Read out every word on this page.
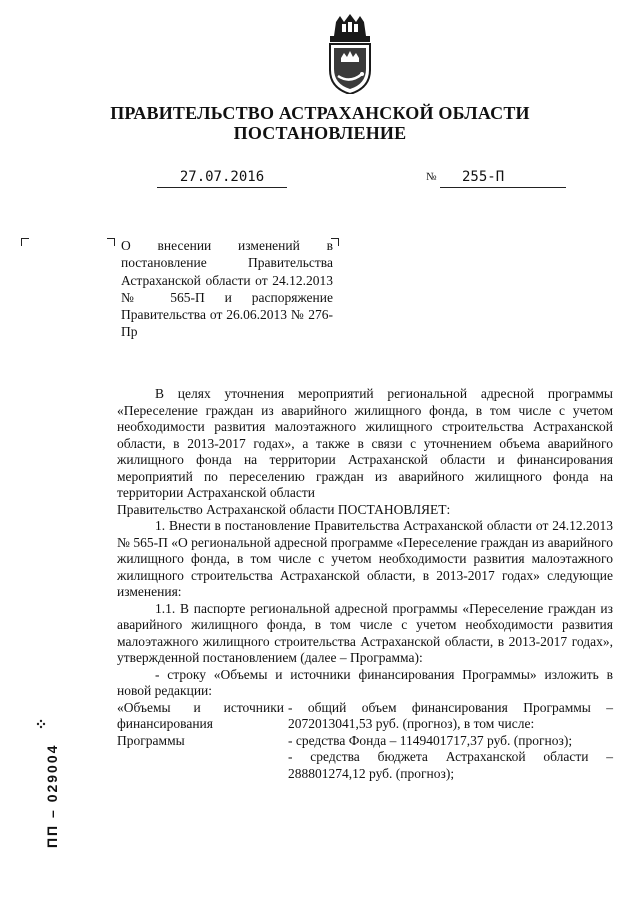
ПРАВИТЕЛЬСТВО АСТРАХАНСКОЙ ОБЛАСТИ
ПОСТАНОВЛЕНИЕ
27.07.2016	№	255-П
О внесении изменений в постановление Правительства Астраханской области от 24.12.2013 № 565-П и распоряжение Правительства от 26.06.2013 № 276-Пр

В целях уточнения мероприятий региональной адресной программы «Переселение граждан из аварийного жилищного фонда, в том числе с учетом необходимости развития малоэтажного жилищного строительства Астраханской области, в 2013-2017 годах», а также в связи с уточнением объема аварийного жилищного фонда на территории Астраханской области и финансирования мероприятий по переселению граждан из аварийного жилищного фонда на территории Астраханской области

Правительство Астраханской области ПОСТАНОВЛЯЕТ:

1. Внести в постановление Правительства Астраханской области от 24.12.2013 № 565-П «О региональной адресной программе «Переселение граждан из аварийного жилищного фонда, в том числе с учетом необходимости развития малоэтажного жилищного строительства Астраханской области, в 2013-2017 годах» следующие изменения:

1.1. В паспорте региональной адресной программы «Переселение граждан из аварийного жилищного фонда, в том числе с учетом необходимости развития малоэтажного жилищного строительства Астраханской области, в 2013-2017 годах», утвержденной постановлением (далее – Программа):

- строку «Объемы и источники финансирования Программы» изложить в новой редакции:

«Объемы и источники финансирования Программы

- общий объем финансирования Программы – 2072013041,53 руб. (прогноз), в том числе:

- средства Фонда – 1149401717,37 руб. (прогноз);

- средства бюджета Астраханской области – 288801274,12 руб. (прогноз);

ПП – 029004
